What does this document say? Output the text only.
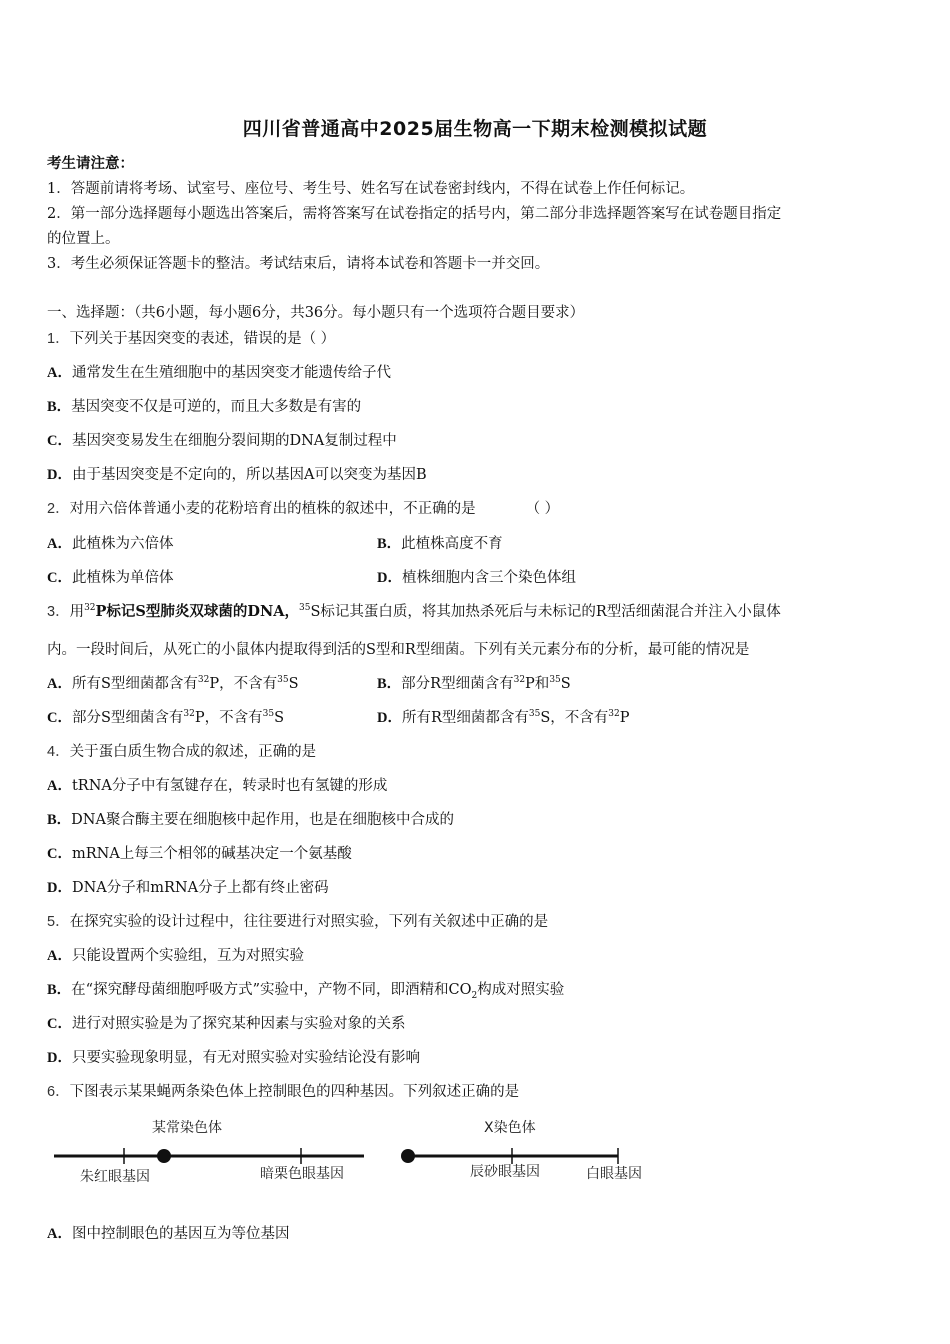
四川省普通高中2025届生物高一下期末检测模拟试题
考生请注意：
1．答题前请将考场、试室号、座位号、考生号、姓名写在试卷密封线内，不得在试卷上作任何标记。
2．第一部分选择题每小题选出答案后，需将答案写在试卷指定的括号内，第二部分非选择题答案写在试卷题目指定
的位置上。
3．考生必须保证答题卡的整洁。考试结束后，请将本试卷和答题卡一并交回。
一、选择题：（共6小题，每小题6分，共36分。每小题只有一个选项符合题目要求）
1．下列关于基因突变的表述，错误的是（ ）
A．通常发生在生殖细胞中的基因突变才能遗传给子代
B．基因突变不仅是可逆的，而且大多数是有害的
C．基因突变易发生在细胞分裂间期的DNA复制过程中
D．由于基因突变是不定向的，所以基因A可以突变为基因B
2．对用六倍体普通小麦的花粉培育出的植株的叙述中，不正确的是	（ ）
A．此植株为六倍体	B．此植株高度不育
C．此植株为单倍体	D．植株细胞内含三个染色体组
3．用$^{32}$P标记S型肺炎双球菌的DNA，$^{35}$S标记其蛋白质，将其加热杀死后与未标记的R型活细菌混合并注入小鼠体
内。一段时间后，从死亡的小鼠体内提取得到活的S型和R型细菌。下列有关元素分布的分析，最可能的情况是
A．所有S型细菌都含有$^{32}$P，不含有$^{35}$S	B．部分R型细菌含有$^{32}$P和$^{35}$S
C．部分S型细菌含有$^{32}$P，不含有$^{35}$S	D．所有R型细菌都含有$^{35}$S，不含有$^{32}$P
4．关于蛋白质生物合成的叙述，正确的是
A．tRNA分子中有氢键存在，转录时也有氢键的形成
B．DNA聚合酶主要在细胞核中起作用，也是在细胞核中合成的
C．mRNA上每三个相邻的碱基决定一个氨基酸
D．DNA分子和mRNA分子上都有终止密码
5．在探究实验的设计过程中，往往要进行对照实验，下列有关叙述中正确的是
A．只能设置两个实验组，互为对照实验
B．在“探究酵母菌细胞呼吸方式”实验中，产物不同，即酒精和$CO_2$构成对照实验
C．进行对照实验是为了探究某种因素与实验对象的关系
D．只要实验现象明显，有无对照实验对实验结论没有影响
6．下图表示某果蝇两条染色体上控制眼色的四种基因。下列叙述正确的是
某常染色体
朱红眼基因	暗栗色眼基因
X染色体
辰砂眼基因	白眼基因
A．图中控制眼色的基因互为等位基因
